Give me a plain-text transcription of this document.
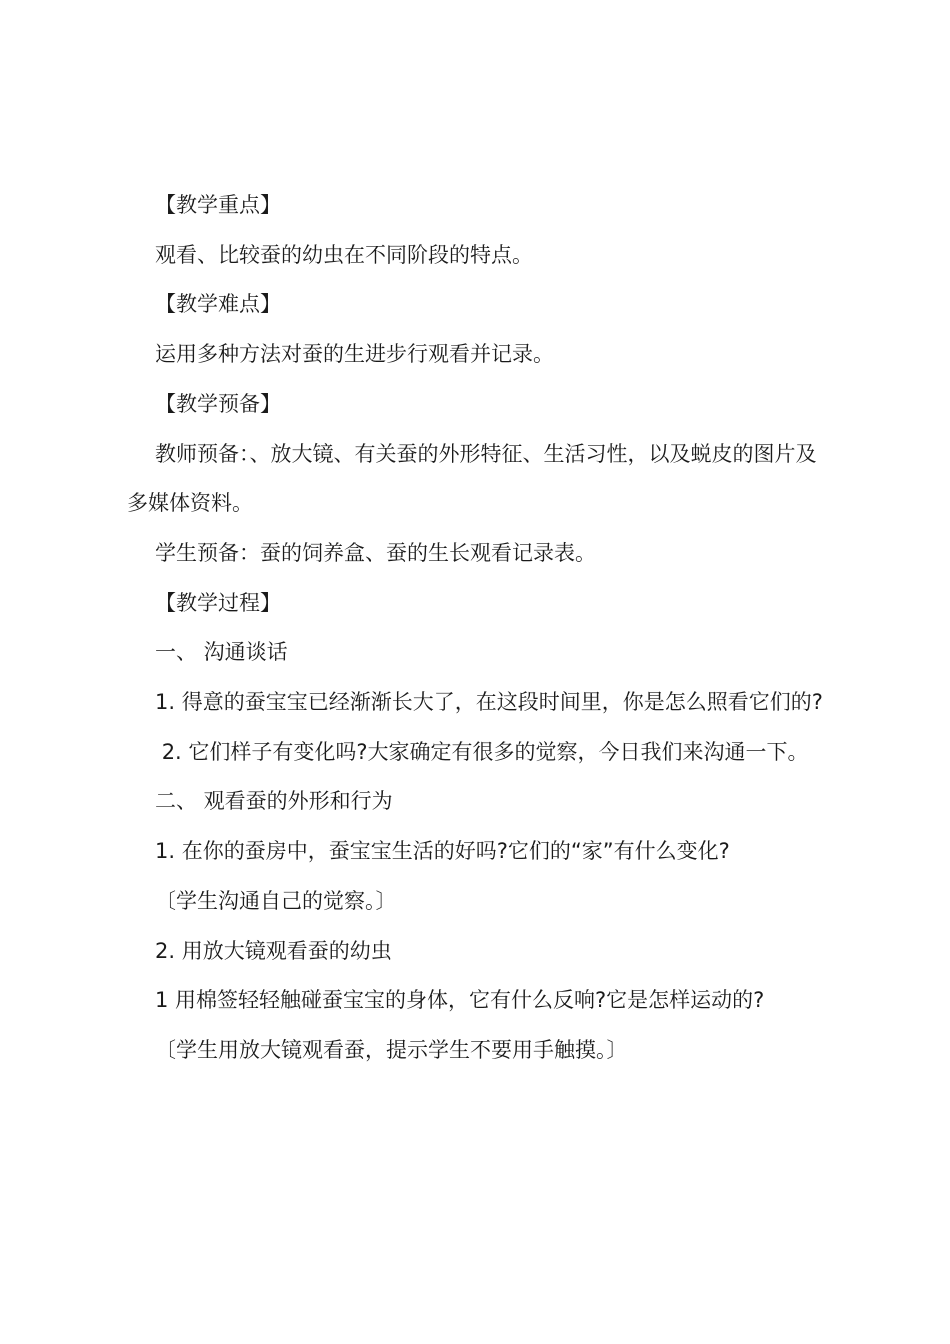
【教学重点】

观看、比较蚕的幼虫在不同阶段的特点。

【教学难点】

运用多种方法对蚕的生进步行观看并记录。

【教学预备】

教师预备：、放大镜、有关蚕的外形特征、生活习性，以及蜕皮的图片及多媒体资料。

学生预备：蚕的饲养盒、蚕的生长观看记录表。

【教学过程】

一、 沟通谈话

1. 得意的蚕宝宝已经渐渐长大了，在这段时间里，你是怎么照看它们的?

2. 它们样子有变化吗?大家确定有很多的觉察，今日我们来沟通一下。

二、 观看蚕的外形和行为

1. 在你的蚕房中，蚕宝宝生活的好吗?它们的“家”有什么变化?

〔学生沟通自己的觉察。〕

2. 用放大镜观看蚕的幼虫

1 用棉签轻轻触碰蚕宝宝的身体，它有什么反响?它是怎样运动的?

〔学生用放大镜观看蚕，提示学生不要用手触摸。〕
